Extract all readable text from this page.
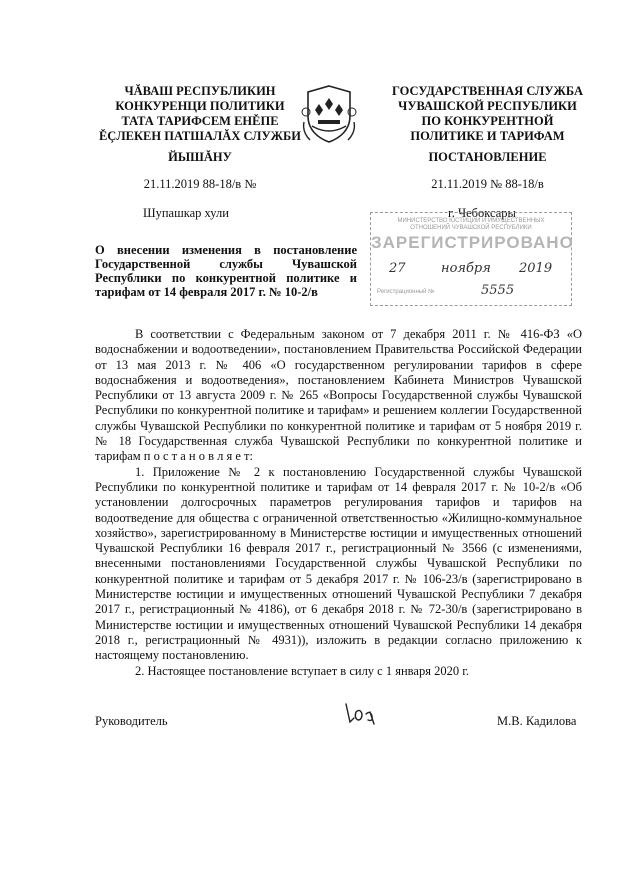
ЧĂВАШ РЕСПУБЛИКИН
КОНКУРЕНЦИ ПОЛИТИКИ
ТАТА ТАРИФСЕМ ЕНĚПЕ
ĚÇЛЕКЕН ПАТШАЛĂХ СЛУЖБИ
ГОСУДАРСТВЕННАЯ СЛУЖБА
ЧУВАШСКОЙ РЕСПУБЛИКИ
ПО КОНКУРЕНТНОЙ
ПОЛИТИКЕ И ТАРИФАМ
ЙЫШĂНУ	ПОСТАНОВЛЕНИЕ
21.11.2019 88-18/в №	21.11.2019 № 88-18/в
Шупашкар хули	г. Чебоксары
МИНИСТЕРСТВО ЮСТИЦИИ И ИМУЩЕСТВЕННЫХ
ОТНОШЕНИЙ ЧУВАШСКОЙ РЕСПУБЛИКИ
ЗАРЕГИСТРИРОВАНО
27	ноября 2019
Регистрационный №	5555
О внесении изменения в постановление Государственной службы Чувашской Республики по конкурентной политике и тарифам от 14 февраля 2017 г. № 10-2/в

В соответствии с Федеральным законом от 7 декабря 2011 г. № 416-ФЗ «О водоснабжении и водоотведении», постановлением Правительства Российской Федерации от 13 мая 2013 г. № 406 «О государственном регулировании тарифов в сфере водоснабжения и водоотведения», постановлением Кабинета Министров Чувашской Республики от 13 августа 2009 г. № 265 «Вопросы Государственной службы Чувашской Республики по конкурентной политике и тарифам» и решением коллегии Государственной службы Чувашской Республики по конкурентной политике и тарифам от 5 ноября 2019 г. № 18 Государственная служба Чувашской Республики по конкурентной политике и тарифам п о с т а н о в л я е т:

1. Приложение № 2 к постановлению Государственной службы Чувашской Республики по конкурентной политике и тарифам от 14 февраля 2017 г. № 10-2/в «Об установлении долгосрочных параметров регулирования тарифов и тарифов на водоотведение для общества с ограниченной ответственностью «Жилищно-коммунальное хозяйство», зарегистрированному в Министерстве юстиции и имущественных отношений Чувашской Республики 16 февраля 2017 г., регистрационный № 3566 (с изменениями, внесенными постановлениями Государственной службы Чувашской Республики по конкурентной политике и тарифам от 5 декабря 2017 г. № 106-23/в (зарегистрировано в Министерстве юстиции и имущественных отношений Чувашской Республики 7 декабря 2017 г., регистрационный № 4186), от 6 декабря 2018 г. № 72-30/в (зарегистрировано в Министерстве юстиции и имущественных отношений Чувашской Республики 14 декабря 2018 г., регистрационный № 4931)), изложить в редакции согласно приложению к настоящему постановлению.

2. Настоящее постановление вступает в силу с 1 января 2020 г.

Руководитель	М.В. Кадилова
